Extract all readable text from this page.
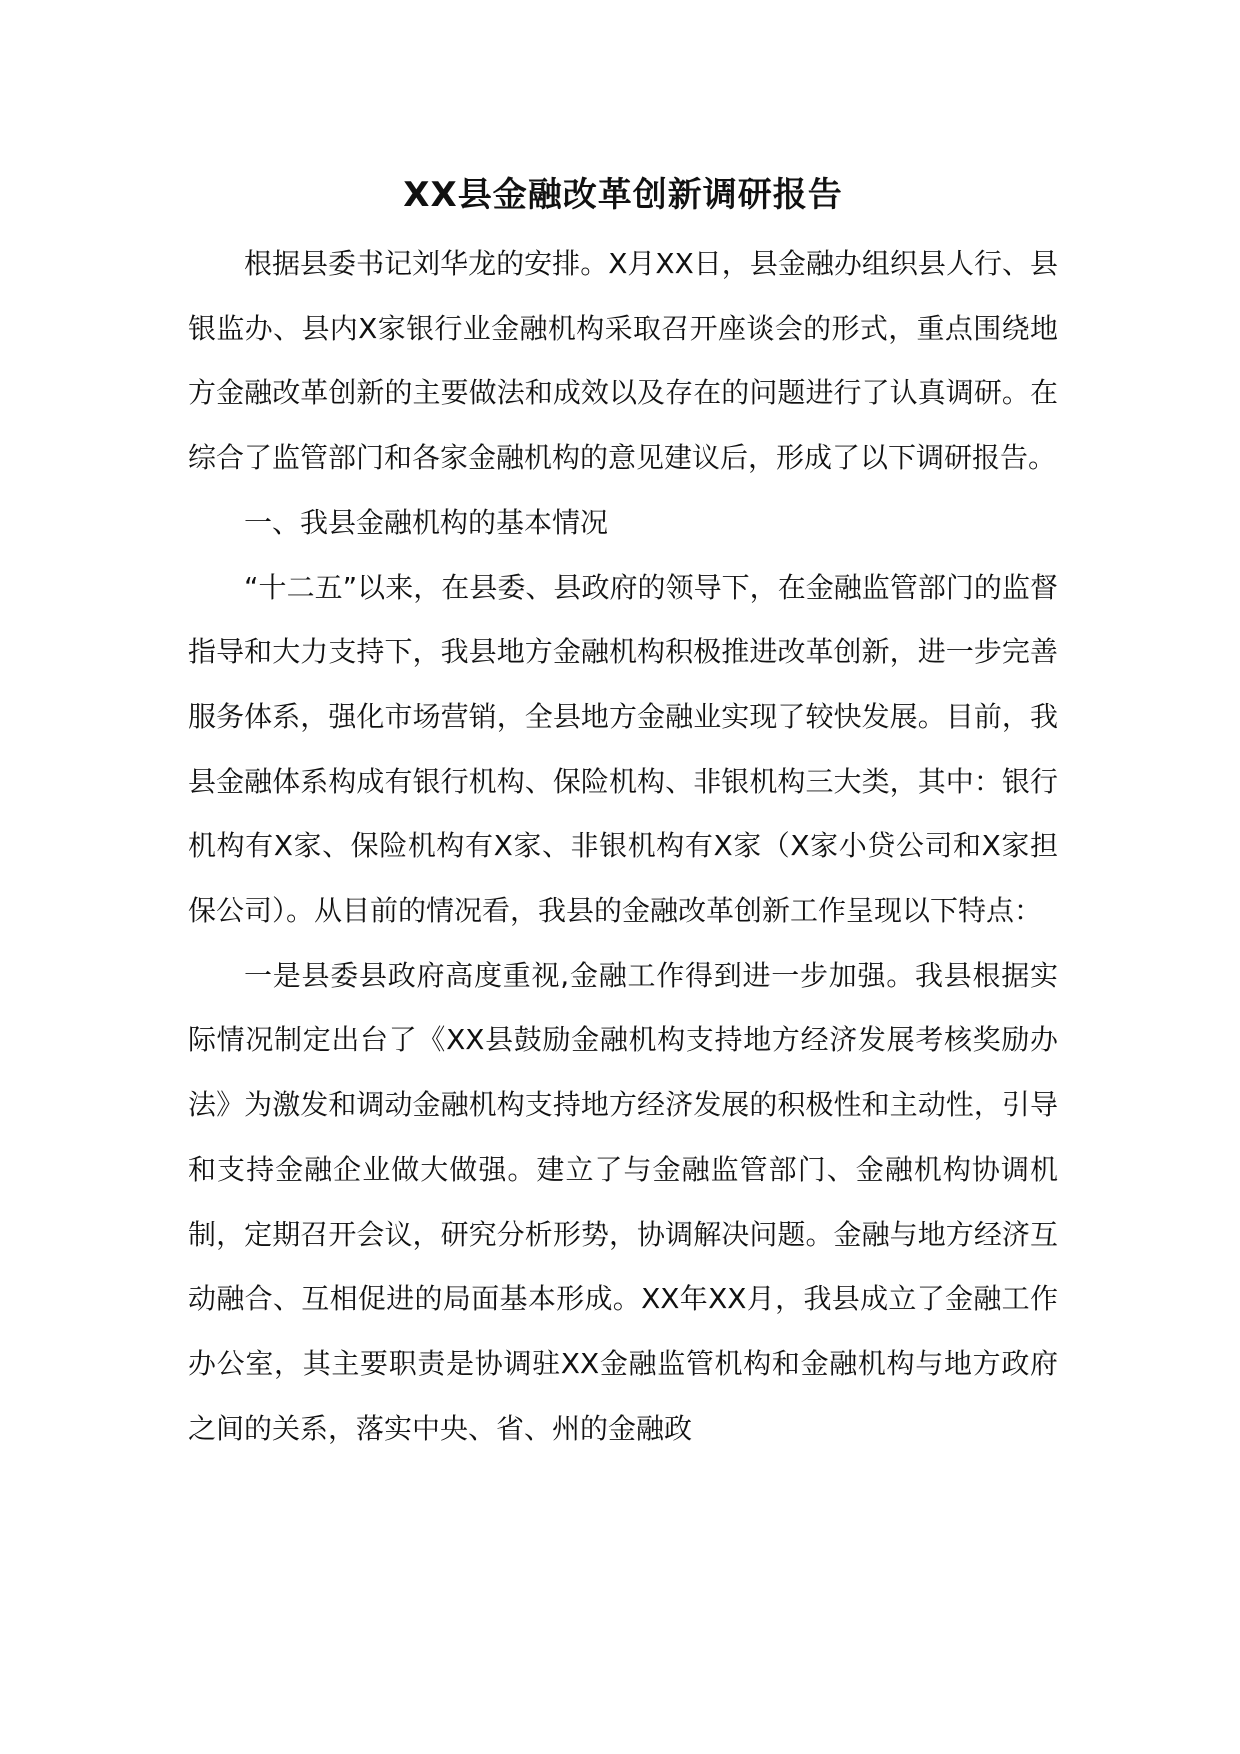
XX县金融改革创新调研报告

根据县委书记刘华龙的安排。X月XX日，县金融办组织县人行、县银监办、县内X家银行业金融机构采取召开座谈会的形式，重点围绕地方金融改革创新的主要做法和成效以及存在的问题进行了认真调研。在综合了监管部门和各家金融机构的意见建议后，形成了以下调研报告。

一、我县金融机构的基本情况

“十二五”以来，在县委、县政府的领导下，在金融监管部门的监督指导和大力支持下，我县地方金融机构积极推进改革创新，进一步完善服务体系，强化市场营销，全县地方金融业实现了较快发展。目前，我县金融体系构成有银行机构、保险机构、非银机构三大类，其中：银行机构有X家、保险机构有X家、非银机构有X家（X家小贷公司和X家担保公司）。从目前的情况看，我县的金融改革创新工作呈现以下特点：

一是县委县政府高度重视,金融工作得到进一步加强。我县根据实际情况制定出台了《XX县鼓励金融机构支持地方经济发展考核奖励办法》为激发和调动金融机构支持地方经济发展的积极性和主动性，引导和支持金融企业做大做强。建立了与金融监管部门、金融机构协调机制，定期召开会议，研究分析形势，协调解决问题。金融与地方经济互动融合、互相促进的局面基本形成。XX年XX月，我县成立了金融工作办公室，其主要职责是协调驻XX金融监管机构和金融机构与地方政府之间的关系，落实中央、省、州的金融政
